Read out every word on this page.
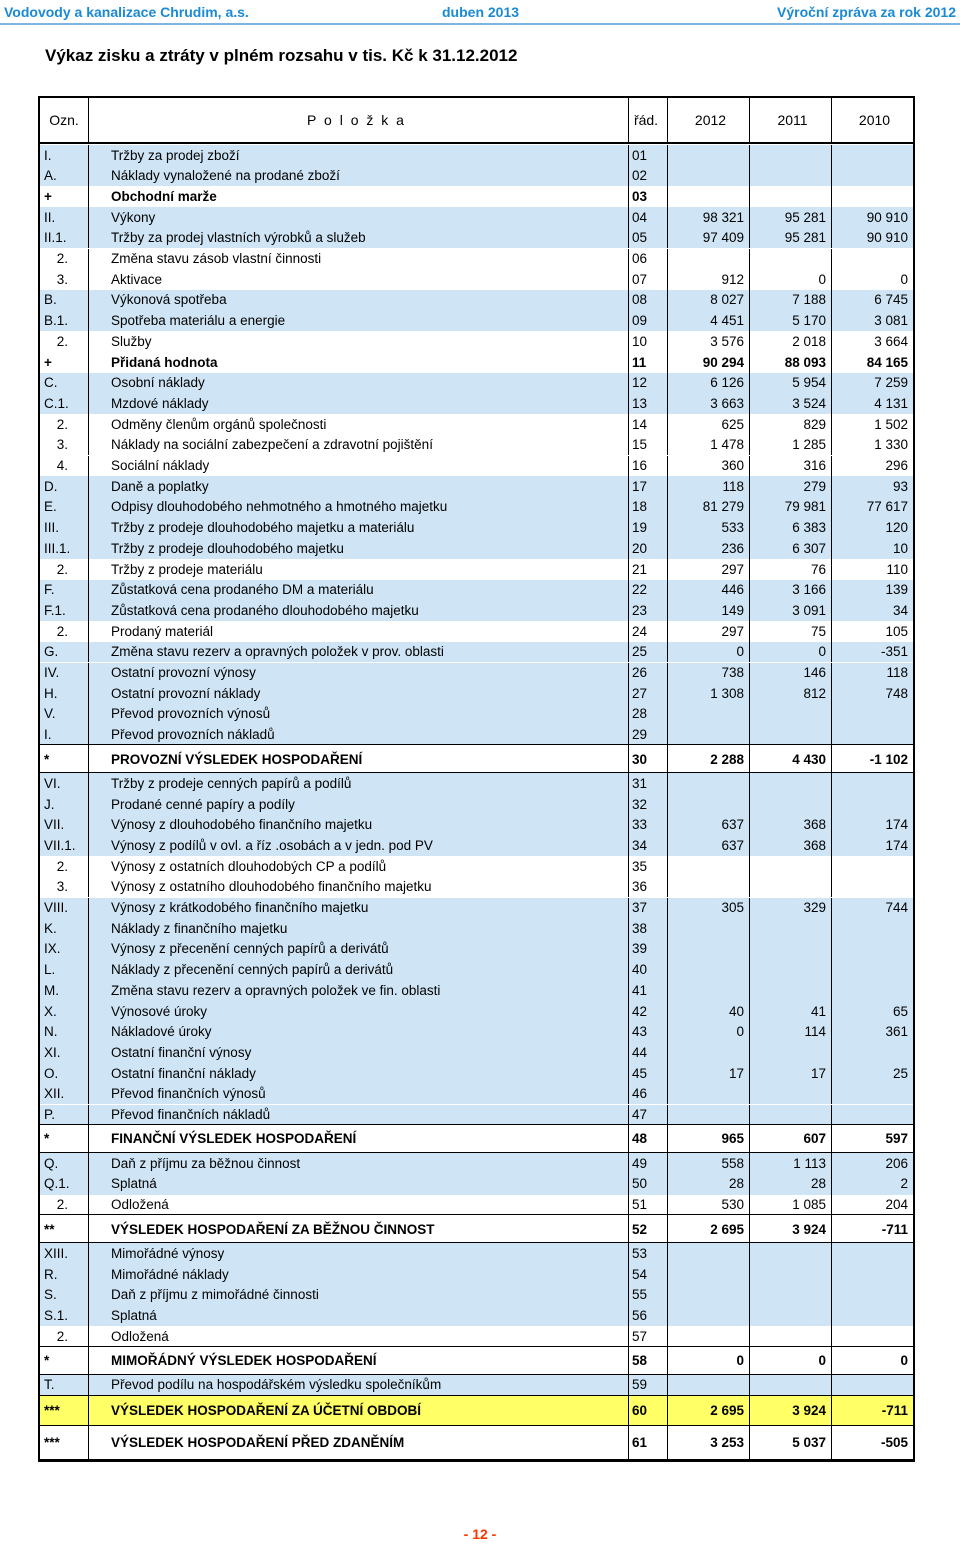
Vodovody a kanalizace Chrudim, a.s.	duben 2013	Výroční zpráva za rok 2012
Výkaz zisku a ztráty v plném rozsahu v tis. Kč k 31.12.2012
Ozn.	P o l o ž k a	řád.	2012	2011	2010
I.	Tržby za prodej zboží	01
A.	Náklady vynaložené na prodané zboží	02
+	Obchodní marže	03
II.	Výkony	04	98 321	95 281	90 910
II.1.	Tržby za prodej vlastních výrobků a služeb	05	97 409	95 281	90 910
2.	Změna stavu zásob vlastní činnosti	06
3.	Aktivace	07	912	0	0
B.	Výkonová spotřeba	08	8 027	7 188	6 745
B.1.	Spotřeba materiálu a energie	09	4 451	5 170	3 081
2.	Služby	10	3 576	2 018	3 664
+	Přidaná hodnota	11	90 294	88 093	84 165
C.	Osobní náklady	12	6 126	5 954	7 259
C.1.	Mzdové náklady	13	3 663	3 524	4 131
2.	Odměny členům orgánů společnosti	14	625	829	1 502
3.	Náklady na sociální zabezpečení a zdravotní pojištění	15	1 478	1 285	1 330
4.	Sociální náklady	16	360	316	296
D.	Daně a poplatky	17	118	279	93
E.	Odpisy dlouhodobého nehmotného a hmotného majetku	18	81 279	79 981	77 617
III.	Tržby z prodeje dlouhodobého majetku a materiálu	19	533	6 383	120
III.1.	Tržby z prodeje dlouhodobého majetku	20	236	6 307	10
2.	Tržby z prodeje materiálu	21	297	76	110
F.	Zůstatková cena prodaného DM a materiálu	22	446	3 166	139
F.1.	Zůstatková cena prodaného dlouhodobého majetku	23	149	3 091	34
2.	Prodaný materiál	24	297	75	105
G.	Změna stavu rezerv a opravných položek v prov. oblasti	25	0	0	-351
IV.	Ostatní provozní výnosy	26	738	146	118
H.	Ostatní provozní náklady	27	1 308	812	748
V.	Převod provozních výnosů	28
I.	Převod provozních nákladů	29
*	PROVOZNÍ VÝSLEDEK HOSPODAŘENÍ	30	2 288	4 430	-1 102
VI.	Tržby z prodeje cenných papírů a podílů	31
J.	Prodané cenné papíry a podíly	32
VII.	Výnosy z dlouhodobého finančního majetku	33	637	368	174
VII.1.	Výnosy z podílů v ovl. a říz .osobách a v jedn. pod PV	34	637	368	174
2.	Výnosy z ostatních dlouhodobých CP a podílů	35
3.	Výnosy z ostatního dlouhodobého finančního majetku	36
VIII.	Výnosy z krátkodobého finančního majetku	37	305	329	744
K.	Náklady z finančního majetku	38
IX.	Výnosy z přecenění cenných papírů a derivátů	39
L.	Náklady z přecenění cenných papírů a derivátů	40
M.	Změna stavu rezerv a opravných položek ve fin. oblasti	41
X.	Výnosové úroky	42	40	41	65
N.	Nákladové úroky	43	0	114	361
XI.	Ostatní finanční výnosy	44
O.	Ostatní finanční náklady	45	17	17	25
XII.	Převod finančních výnosů	46
P.	Převod finančních nákladů	47
*	FINANČNÍ VÝSLEDEK HOSPODAŘENÍ	48	965	607	597
Q.	Daň z příjmu za běžnou činnost	49	558	1 113	206
Q.1.	Splatná	50	28	28	2
2.	Odložená	51	530	1 085	204
**	VÝSLEDEK HOSPODAŘENÍ ZA BĚŽNOU ČINNOST	52	2 695	3 924	-711
XIII.	Mimořádné výnosy	53
R.	Mimořádné náklady	54
S.	Daň z příjmu z mimořádné činnosti	55
S.1.	Splatná	56
2.	Odložená	57
*	MIMOŘÁDNÝ VÝSLEDEK HOSPODAŘENÍ	58	0	0	0
T.	Převod podílu na hospodářském výsledku společníkům	59
***	VÝSLEDEK HOSPODAŘENÍ ZA ÚČETNÍ OBDOBÍ	60	2 695	3 924	-711
***	VÝSLEDEK HOSPODAŘENÍ PŘED ZDANĚNÍM	61	3 253	5 037	-505
- 12 -
